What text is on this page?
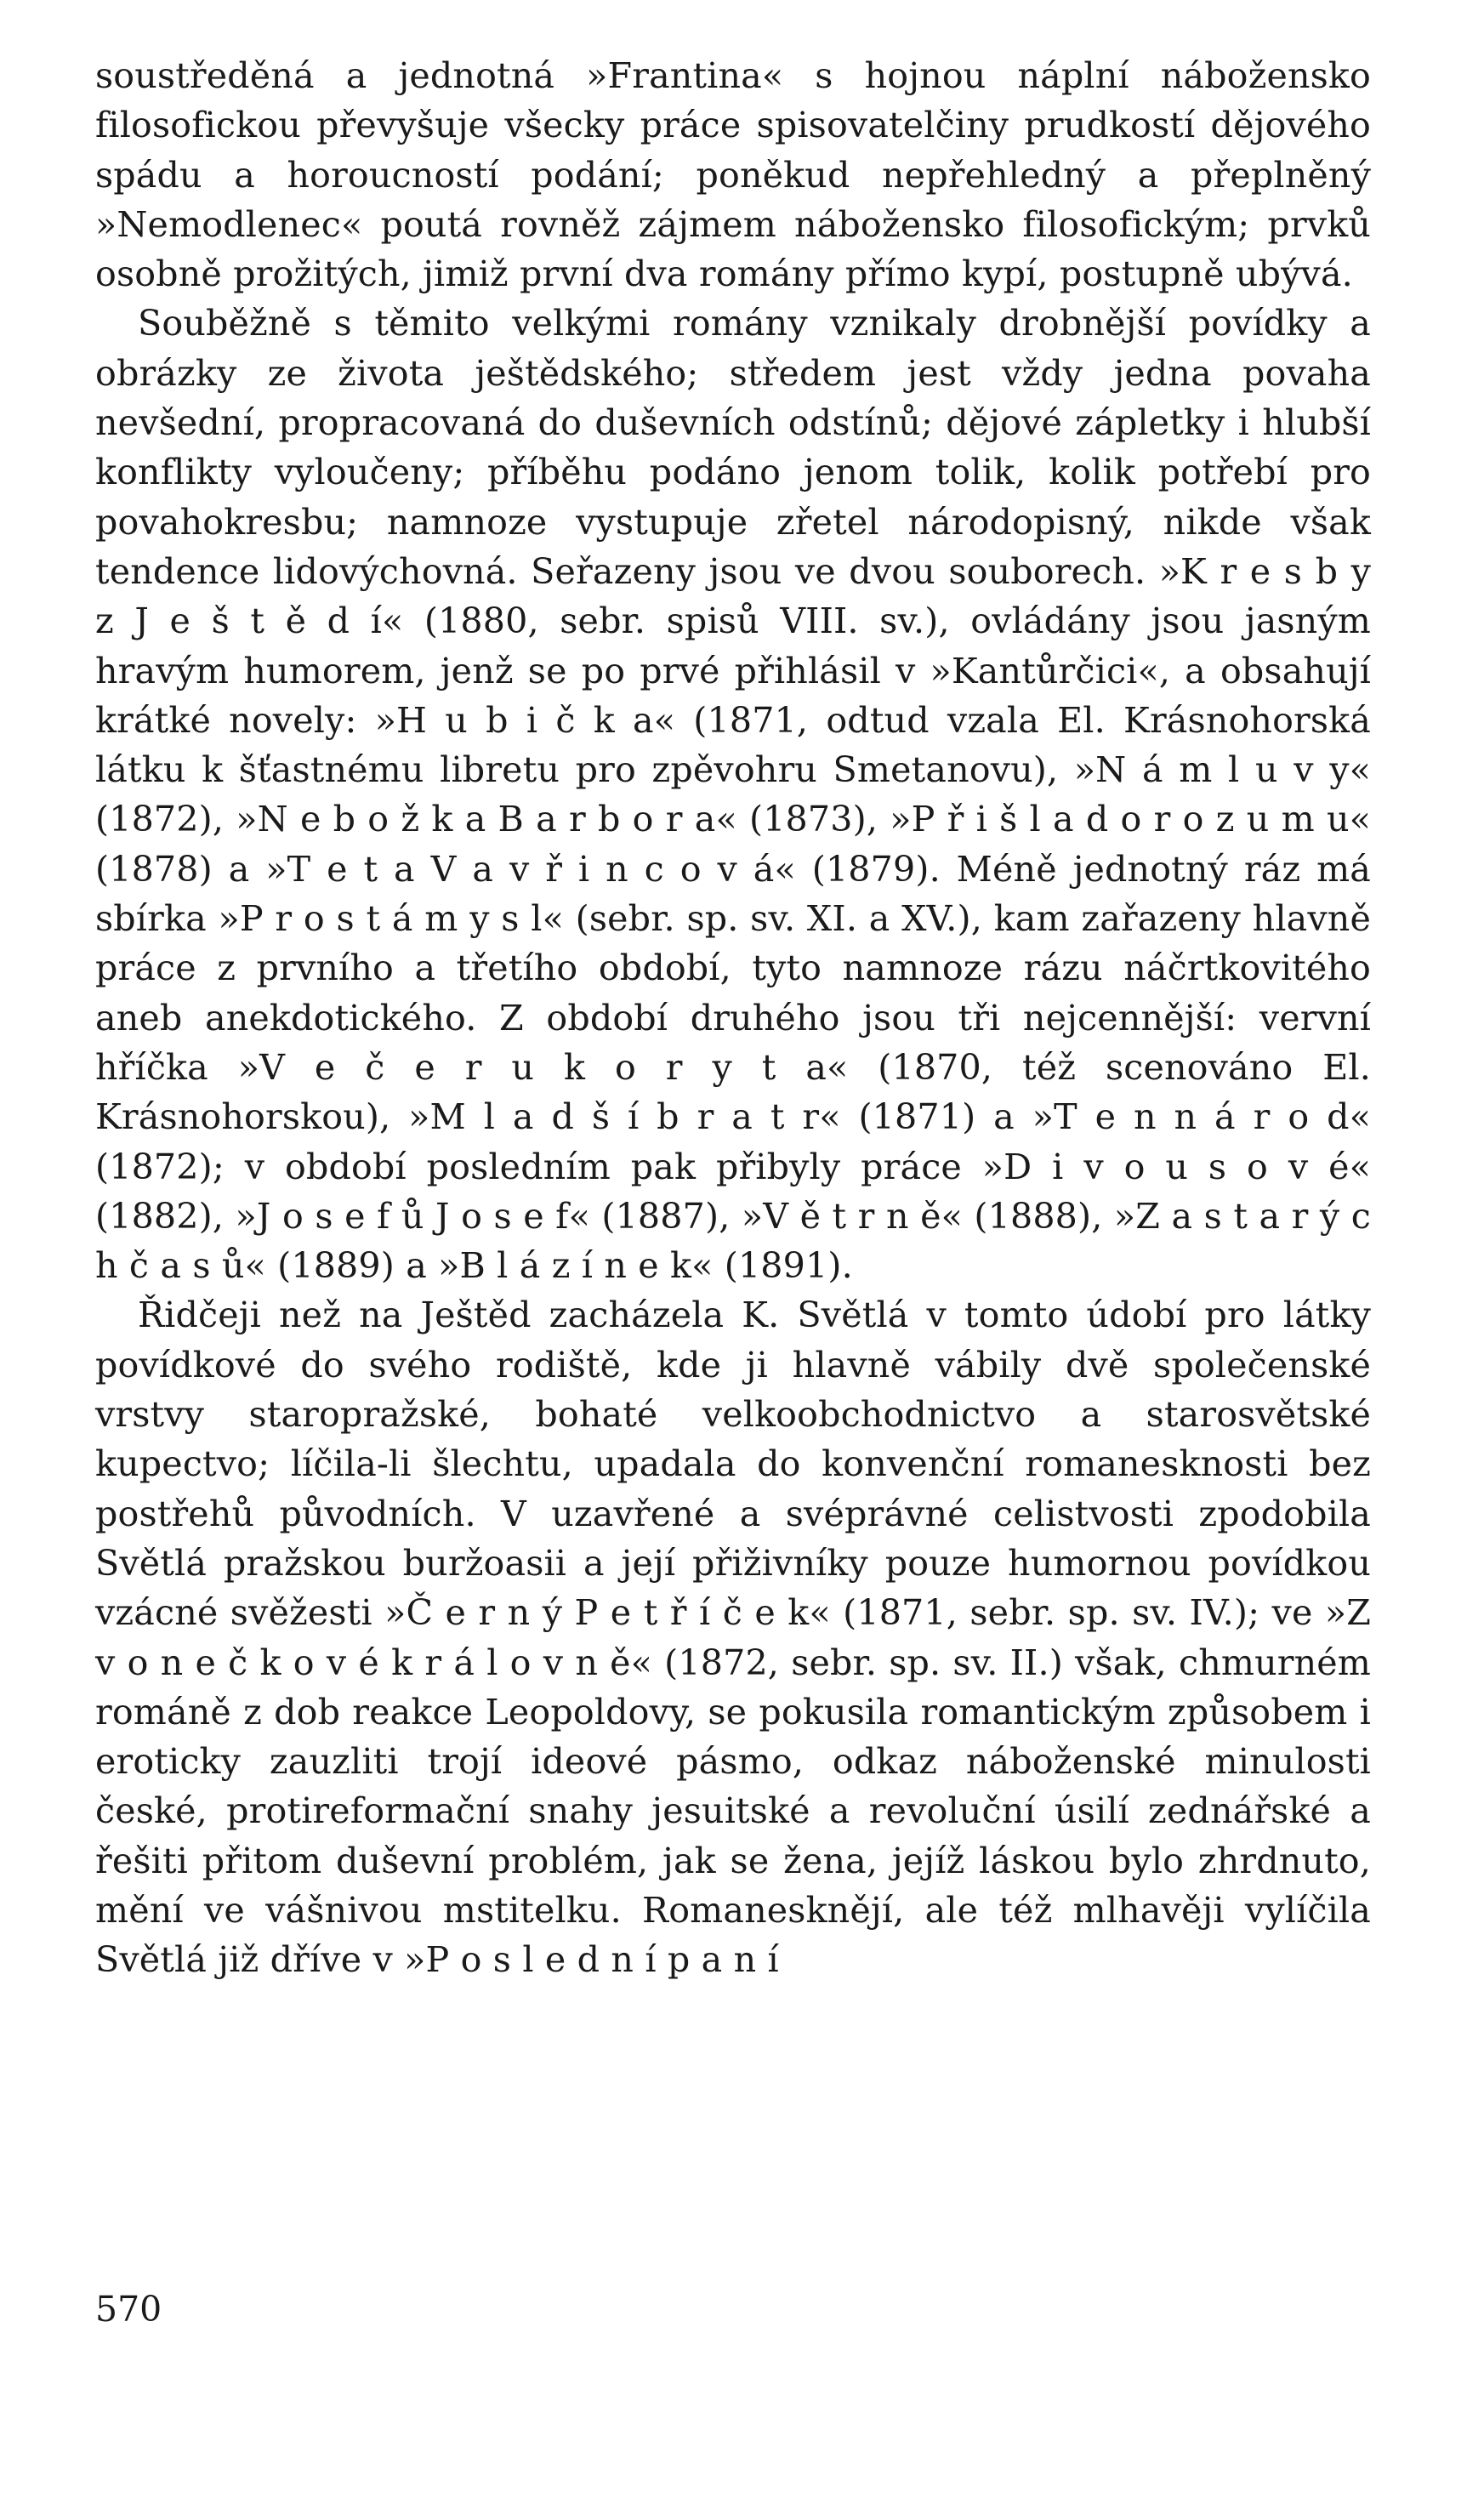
soustředěná a jednotná »Frantina« s hojnou náplní nábožensko filosofickou převyšuje všecky práce spisovatelčiny prudkostí dějového spádu a horoucností podání; poněkud nepřehledný a přeplněný »Nemodlenec« poutá rovněž zájmem nábožensko filosofickým; prvků osobně prožitých, jimiž první dva romány přímo kypí, postupně ubývá.

Souběžně s těmito velkými romány vznikaly drobnější povídky a obrázky ze života ještědského; středem jest vždy jedna povaha nevšední, propracovaná do duševních odstínů; dějové zápletky i hlubší konflikty vyloučeny; příběhu podáno jenom tolik, kolik potřebí pro povahokresbu; namnoze vystupuje zřetel národopisný, nikde však tendence lidovýchovná. Seřazeny jsou ve dvou souborech. »K r e s b y z J e š t ě d í« (1880, sebr. spisů VIII. sv.), ovládány jsou jasným hravým humorem, jenž se po prvé přihlásil v »Kantůrčici«, a obsahují krátké novely: »H u b i č k a« (1871, odtud vzala El. Krásnohorská látku k šťastnému libretu pro zpěvohru Smetanovu), »N á m l u v y« (1872), »N e b o ž k a B a r b o r a« (1873), »P ř i š l a d o r o z u m u« (1878) a »T e t a V a v ř i n c o v á« (1879). Méně jednotný ráz má sbírka »P r o s t á m y s l« (sebr. sp. sv. XI. a XV.), kam zařazeny hlavně práce z prvního a třetího období, tyto namnoze rázu náčrtkovitého aneb anekdotického. Z období druhého jsou tři nejcennější: vervní hříčka »V e č e r u k o r y t a« (1870, též scenováno El. Krásnohorskou), »M l a d š í b r a t r« (1871) a »T e n n á r o d« (1872); v období posledním pak přibyly práce »D i v o u s o v é« (1882), »J o s e f ů J o s e f« (1887), »V ě t r n ě« (1888), »Z a s t a r ý c h č a s ů« (1889) a »B l á z í n e k« (1891).

Řidčeji než na Ještěd zacházela K. Světlá v tomto údobí pro látky povídkové do svého rodiště, kde ji hlavně vábily dvě společenské vrstvy staropražské, bohaté velkoobchodnictvo a starosvětské kupectvo; líčila-li šlechtu, upadala do konvenční romanesknosti bez postřehů původních. V uzavřené a svéprávné celistvosti zpodobila Světlá pražskou buržoasii a její přiživníky pouze humornou povídkou vzácné svěžesti »Č e r n ý P e t ř í č e k« (1871, sebr. sp. sv. IV.); ve »Z v o n e č k o v é k r á l o v n ě« (1872, sebr. sp. sv. II.) však, chmurném románě z dob reakce Leopoldovy, se pokusila romantickým způsobem i eroticky zauzliti trojí ideové pásmo, odkaz náboženské minulosti české, protireformační snahy jesuitské a revoluční úsilí zednářské a řešiti přitom duševní problém, jak se žena, jejíž láskou bylo zhrdnuto, mění ve vášnivou mstitelku. Romanesknějí, ale též mlhavěji vylíčila Světlá již dříve v »P o s l e d n í p a n í

570
